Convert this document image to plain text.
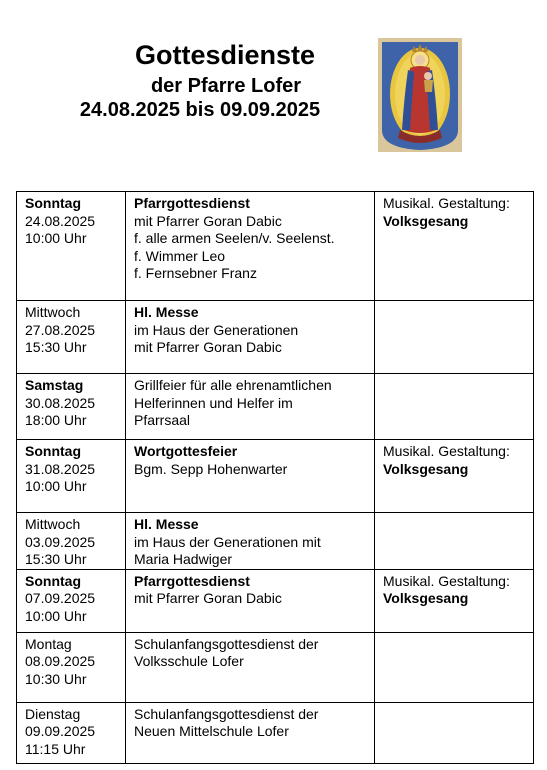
Gottesdienste
der Pfarre Lofer
24.08.2025 bis 09.09.2025
Sonntag
24.08.2025
10:00 Uhr	Pfarrgottesdienst
mit Pfarrer Goran Dabic
f. alle armen Seelen/v. Seelenst.
f. Wimmer Leo
f. Fernsebner Franz	Musikal. Gestaltung:
Volksgesang

Mittwoch
27.08.2025
15:30 Uhr	Hl. Messe
im Haus der Generationen
mit Pfarrer Goran Dabic	

Samstag
30.08.2025
18:00 Uhr	Grillfeier für alle ehrenamtlichen
Helferinnen und Helfer im
Pfarrsaal	

Sonntag
31.08.2025
10:00 Uhr	Wortgottesfeier
Bgm. Sepp Hohenwarter	Musikal. Gestaltung:
Volksgesang

Mittwoch
03.09.2025
15:30 Uhr	Hl. Messe
im Haus der Generationen mit
Maria Hadwiger	

Sonntag
07.09.2025
10:00 Uhr	Pfarrgottesdienst
mit Pfarrer Goran Dabic	Musikal. Gestaltung:
Volksgesang

Montag
08.09.2025
10:30 Uhr	Schulanfangsgottesdienst der
Volksschule Lofer	

Dienstag
09.09.2025
11:15 Uhr	Schulanfangsgottesdienst der
Neuen Mittelschule Lofer	
